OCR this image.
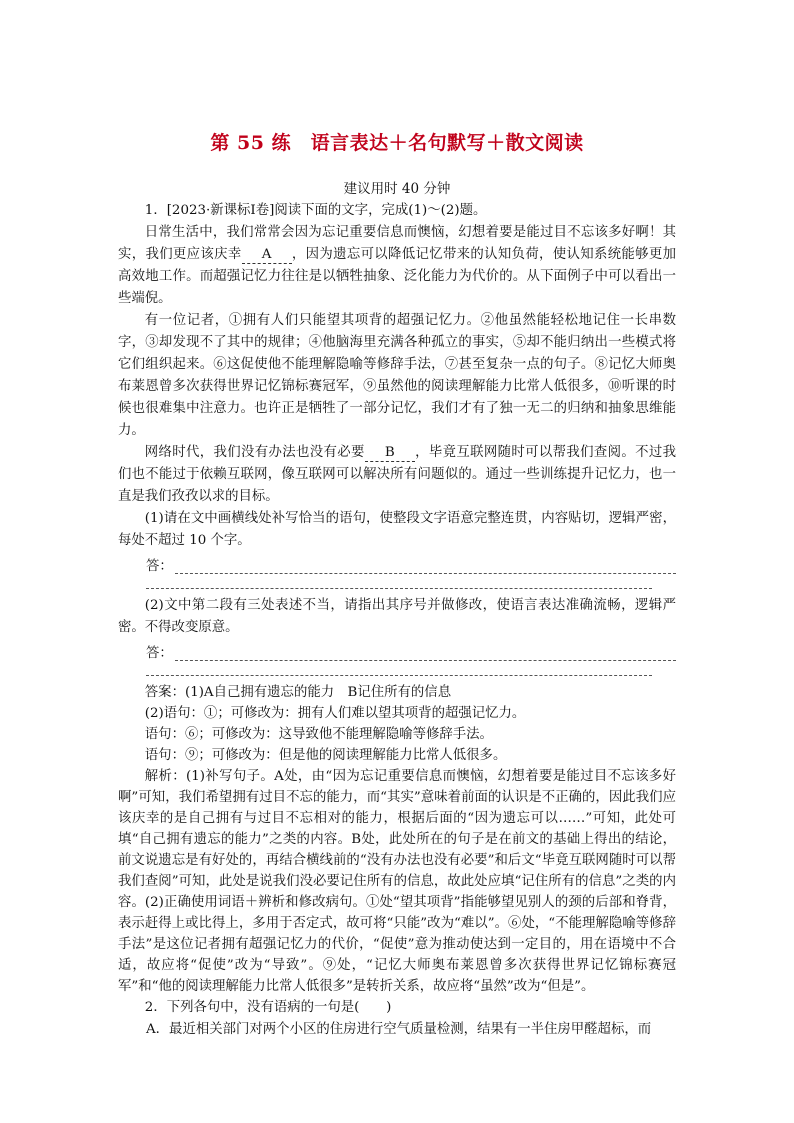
第 55 练　语言表达＋名句默写＋散文阅读
建议用时 40 分钟

1．[2023·新课标Ⅰ卷]阅读下面的文字，完成(1)～(2)题。

日常生活中，我们常常会因为忘记重要信息而懊恼，幻想着要是能过目不忘该多好啊！其实，我们更应该庆幸 A ，因为遗忘可以降低记忆带来的认知负荷，使认知系统能够更加高效地工作。而超强记忆力往往是以牺牲抽象、泛化能力为代价的。从下面例子中可以看出一些端倪。

有一位记者，①拥有人们只能望其项背的超强记忆力。②他虽然能轻松地记住一长串数字，③却发现不了其中的规律；④他脑海里充满各种孤立的事实，⑤却不能归纳出一些模式将它们组织起来。⑥这促使他不能理解隐喻等修辞手法，⑦甚至复杂一点的句子。⑧记忆大师奥布莱恩曾多次获得世界记忆锦标赛冠军，⑨虽然他的阅读理解能力比常人低很多，⑩听课的时候也很难集中注意力。也许正是牺牲了一部分记忆，我们才有了独一无二的归纳和抽象思维能力。

网络时代，我们没有办法也没有必要 B ，毕竟互联网随时可以帮我们查阅。不过我们也不能过于依赖互联网，像互联网可以解决所有问题似的。通过一些训练提升记忆力，也一直是我们孜孜以求的目标。

(1)请在文中画横线处补写恰当的语句，使整段文字语意完整连贯，内容贴切，逻辑严密，每处不超过 10 个字。

答：

(2)文中第二段有三处表述不当，请指出其序号并做修改，使语言表达准确流畅，逻辑严密。不得改变原意。

答：

答案：(1)A自己拥有遗忘的能力　B记住所有的信息

(2)语句：①；可修改为：拥有人们难以望其项背的超强记忆力。

语句：⑥；可修改为：这导致他不能理解隐喻等修辞手法。

语句：⑨；可修改为：但是他的阅读理解能力比常人低很多。

解析：(1)补写句子。A处，由“因为忘记重要信息而懊恼，幻想着要是能过目不忘该多好啊”可知，我们希望拥有过目不忘的能力，而“其实”意味着前面的认识是不正确的，因此我们应该庆幸的是自己拥有与过目不忘相对的能力，根据后面的“因为遗忘可以……”可知，此处可填“自己拥有遗忘的能力”之类的内容。B处，此处所在的句子是在前文的基础上得出的结论，前文说遗忘是有好处的，再结合横线前的“没有办法也没有必要”和后文“毕竟互联网随时可以帮我们查阅”可知，此处是说我们没必要记住所有的信息，故此处应填“记住所有的信息”之类的内容。(2)正确使用词语＋辨析和修改病句。①处“望其项背”指能够望见别人的颈的后部和脊背，表示赶得上或比得上，多用于否定式，故可将“只能”改为“难以”。⑥处，“不能理解隐喻等修辞手法”是这位记者拥有超强记忆力的代价，“促使”意为推动使达到一定目的，用在语境中不合适，故应将“促使”改为“导致”。⑨处，“记忆大师奥布莱恩曾多次获得世界记忆锦标赛冠军”和“他的阅读理解能力比常人低很多”是转折关系，故应将“虽然”改为“但是”。

2．下列各句中，没有语病的一句是(　　)

A．最近相关部门对两个小区的住房进行空气质量检测，结果有一半住房甲醛超标，而
